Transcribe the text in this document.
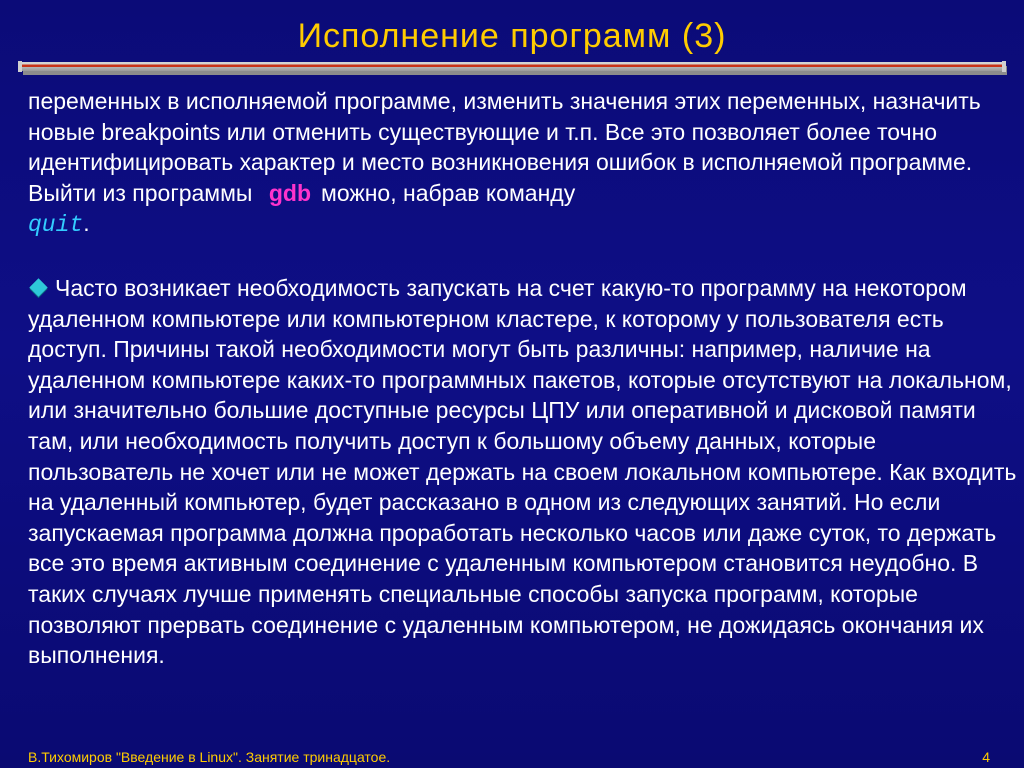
Исполнение программ (3)

переменных в исполняемой программе, изменить значения этих переменных, назначить новые breakpoints или отменить существующие и т.п. Все это позволяет более точно идентифицировать характер и место возникновения ошибок в исполняемой программе. Выйти из программы gdb можно, набрав команду
quit.

Часто возникает необходимость запускать на счет какую-то программу на некотором удаленном компьютере или компьютерном кластере, к которому у пользователя есть доступ. Причины такой необходимости могут быть различны: например, наличие на удаленном компьютере каких-то программных пакетов, которые отсутствуют на локальном, или значительно большие доступные ресурсы ЦПУ или оперативной и дисковой памяти там, или необходимость получить доступ к большому объему данных, которые пользователь не хочет или не может держать на своем локальном компьютере. Как входить на удаленный компьютер, будет рассказано в одном из следующих занятий. Но если запускаемая программа должна проработать несколько часов или даже суток, то держать все это время активным соединение с удаленным компьютером становится неудобно. В таких случаях лучше применять специальные способы запуска программ, которые позволяют прервать соединение с удаленным компьютером, не дожидаясь окончания их выполнения.

В.Тихомиров "Введение в Linux". Занятие тринадцатое.	4
